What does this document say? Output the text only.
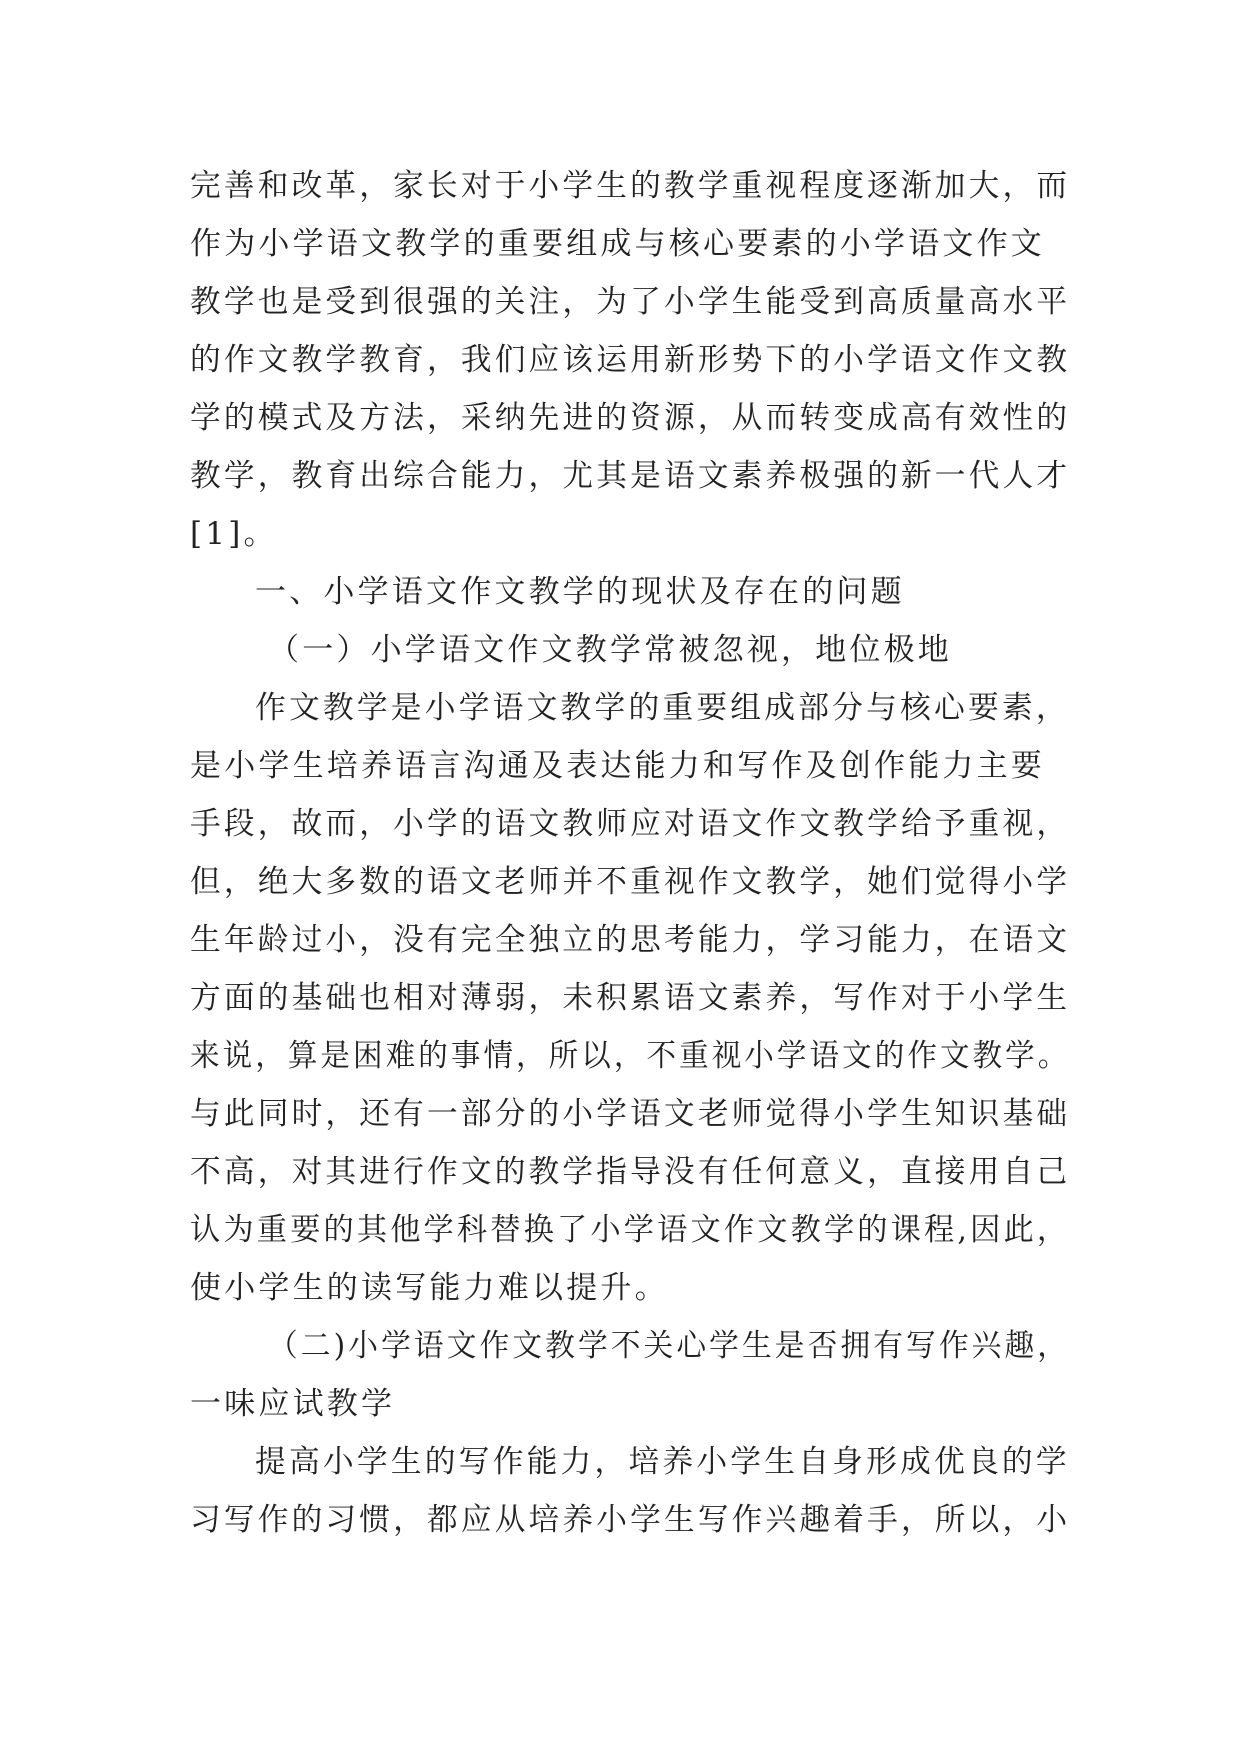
完善和改革，家长对于小学生的教学重视程度逐渐加大，而
作为小学语文教学的重要组成与核心要素的小学语文作文
教学也是受到很强的关注，为了小学生能受到高质量高水平
的作文教学教育，我们应该运用新形势下的小学语文作文教
学的模式及方法，采纳先进的资源，从而转变成高有效性的
教学，教育出综合能力，尤其是语文素养极强的新一代人才
[1]。
一、小学语文作文教学的现状及存在的问题
（一）小学语文作文教学常被忽视，地位极地
作文教学是小学语文教学的重要组成部分与核心要素，
是小学生培养语言沟通及表达能力和写作及创作能力主要
手段，故而，小学的语文教师应对语文作文教学给予重视，
但，绝大多数的语文老师并不重视作文教学，她们觉得小学
生年龄过小，没有完全独立的思考能力，学习能力，在语文
方面的基础也相对薄弱，未积累语文素养，写作对于小学生
来说，算是困难的事情，所以，不重视小学语文的作文教学。
与此同时，还有一部分的小学语文老师觉得小学生知识基础
不高，对其进行作文的教学指导没有任何意义，直接用自己
认为重要的其他学科替换了小学语文作文教学的课程,因此，
使小学生的读写能力难以提升。
（二)小学语文作文教学不关心学生是否拥有写作兴趣，
一味应试教学
提高小学生的写作能力，培养小学生自身形成优良的学
习写作的习惯，都应从培养小学生写作兴趣着手，所以，小
